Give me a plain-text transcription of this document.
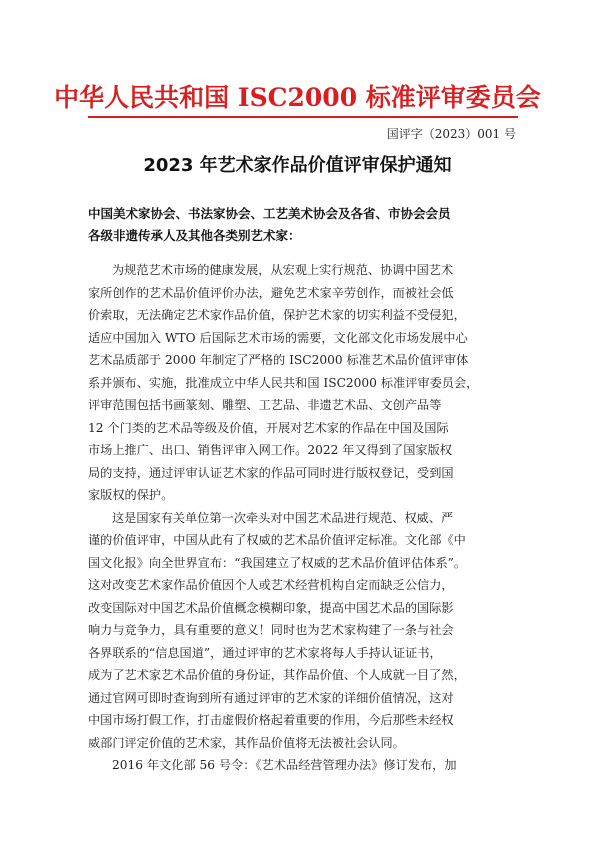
中华人民共和国 ISC2000 标准评审委员会
国评字（2023）001 号
2023 年艺术家作品价值评审保护通知
中国美术家协会、书法家协会、工艺美术协会及各省、市协会会员
各级非遗传承人及其他各类别艺术家：
为规范艺术市场的健康发展，从宏观上实行规范、协调中国艺术
家所创作的艺术品价值评价办法，避免艺术家辛劳创作，而被社会低
价索取，无法确定艺术家作品价值，保护艺术家的切实利益不受侵犯，
适应中国加入 WTO 后国际艺术市场的需要，文化部文化市场发展中心
艺术品质部于 2000 年制定了严格的 ISC2000 标准艺术品价值评审体
系并颁布、实施，批准成立中华人民共和国 ISC2000 标准评审委员会，
评审范围包括书画篆刻、雕塑、工艺品、非遗艺术品、文创产品等
12 个门类的艺术品等级及价值，开展对艺术家的作品在中国及国际
市场上推广、出口、销售评审入网工作。2022 年又得到了国家版权
局的支持，通过评审认证艺术家的作品可同时进行版权登记，受到国
家版权的保护。
这是国家有关单位第一次牵头对中国艺术品进行规范、权威、严
谨的价值评审，中国从此有了权威的艺术品价值评定标准。文化部《中
国文化报》向全世界宣布：“我国建立了权威的艺术品价值评估体系”。
这对改变艺术家作品价值因个人或艺术经营机构自定而缺乏公信力，
改变国际对中国艺术品价值概念模糊印象，提高中国艺术品的国际影
响力与竞争力，具有重要的意义！同时也为艺术家构建了一条与社会
各界联系的“信息国道”，通过评审的艺术家将每人手持认证证书，
成为了艺术家艺术品价值的身份证，其作品价值、个人成就一目了然，
通过官网可即时查询到所有通过评审的艺术家的详细价值情况，这对
中国市场打假工作，打击虚假价格起着重要的作用，今后那些未经权
威部门评定价值的艺术家，其作品价值将无法被社会认同。
2016 年文化部 56 号令：《艺术品经营管理办法》修订发布，加
